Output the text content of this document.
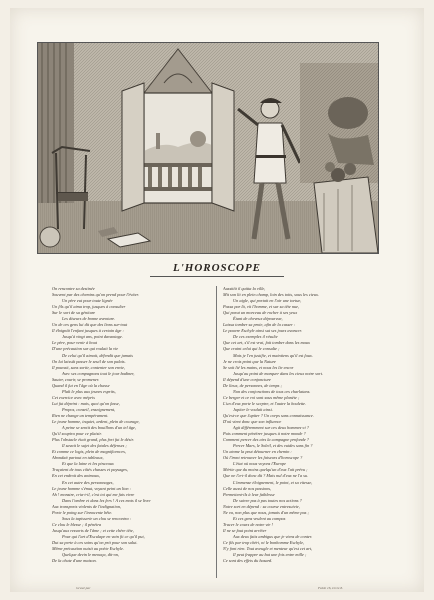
L'HOROSCOPE
On rencontre sa destinée
Souvent par des chemins qu'on prend pour l'éviter.
Un père eut pour toute lignée
Un fils qu'il aima trop, jusques à consulter
Sur le sort de sa géniture
Les diseurs de bonne aventure.
Un de ces gens lui dit que des lions sur-tout
Il éloignât l'enfant jusques à certain âge :
Jusqu'à vingt ans, point davantage.
Le père, pour venir à bout
D'une précaution sur qui roulait la vie
De celui qu'il aimait, défendit que jamais
On lui laissât passer le seuil de son palais.
Il pouvait, sans sortir, contenter son envie,
Avec ses compagnons tout le jour badiner,
Sauter, courir, se promener.
Quand il fut en l'âge où la chasse
Plaît le plus aux jeunes esprits,
Cet exercice avec mépris
Lui fut dépeint : mais, quoi qu'on fasse,
Propos, conseil, enseignement,
Rien ne change un tempérament.
Le jeune homme, inquiet, ardent, plein de courage,
A peine se sentit des bouillons d'un tel âge,
Qu'il soupira pour ce plaisir.
Plus l'obstacle était grand, plus fort fut le désir.
Il savait le sujet des fatales défenses ;
Et comme ce logis, plein de magnificences,
Abondait partout en tableaux,
Et que la laine et les pinceaux
Traçaient de tous côtés chasses et paysages,
En cet endroit des animaux,
En cet autre des personnages,
Le jeune homme s'émut, voyant peint un lion :
Ah ! monstre, cria-t-il, c'est toi qui me fais vivre
Dans l'ombre et dans les fers ! A ces mots il se livre
Aux transports violents de l'indignation,
Porte le poing sur l'innocente bête.
Sous la tapisserie un clou se rencontra :
Ce clou le blesse ; il pénétra
Jusqu'aux ressorts de l'âme ; et cette chère tête,
Pour qui l'art d'Esculape en vain fit ce qu'il put,
Dut sa perte à ces soins qu'on prit pour son salut.
Même précaution nuisit au poète Eschyle.
Quelque devin le menaça, dit-on,
De la chute d'une maison.
Aussitôt il quitta la ville,
Mit son lit en plein champ, loin des toits, sous les cieux.
Un aigle, qui portait en l'air une tortue,
Passa par là, vit l'homme, et sur sa tête nue,
Qui parut un morceau de rocher à ses yeux
Étant de cheveux dépourvue,
Laissa tomber sa proie, afin de la casser :
Le pauvre Eschyle ainsi sut ses jours avancer.
De ces exemples il résulte
Que cet art, s'il est vrai, fait tomber dans les maux
Que craint celui qui le consulte ;
Mais je l'en justifie, et maintiens qu'il est faux.
Je ne crois point que la Nature
Se soit lié les mains, et nous les lie encor
Jusqu'au point de marquer dans les cieux notre sort.
Il dépend d'une conjoncture
De lieux, de personnes, de temps ;
Non des conjonctions de tous ces charlatans.
Ce berger et ce roi sont sous même planète ;
L'un d'eux porte le sceptre, et l'autre la houlette.
Jupiter le voulait ainsi.
Qu'est-ce que Jupiter ? Un corps sans connaissance.
D'où vient donc que son influence
Agit différemment sur ces deux hommes-ci ?
Puis comment pénétrer jusques à notre monde ?
Comment percer des airs la campagne profonde ?
Percer Mars, le Soleil, et des vuides sans fin ?
Un atome la peut détourner en chemin :
Où l'iront retrouver les faiseurs d'horoscope ?
L'état où nous voyons l'Europe
Mérite que du moins quelqu'un d'eux l'ait prévu ;
Que ne l'a-t-il donc dit ? Mais nul d'eux ne l'a su.
L'immense éloignement, le point, et sa vitesse,
Celle aussi de nos passions,
Permettent-ils à leur faiblesse
De suivre pas à pas toutes nos actions ?
Notre sort en dépend : sa course entresuivie,
Ne va, non plus que nous, jamais d'un même pas ;
Et ces gens veulent au compas
Tracer le cours de notre vie !
Il ne se faut point arrêter
Aux deux faits ambigus que je viens de conter.
Ce fils par trop chéri, ni le bonhomme Eschyle,
N'y font rien. Tout aveugle et menteur qu'est cet art,
Il peut frapper au but une fois entre mille ;
Ce sont des effets du hasard.
Gravé par	Fable 16, Livre 8.
